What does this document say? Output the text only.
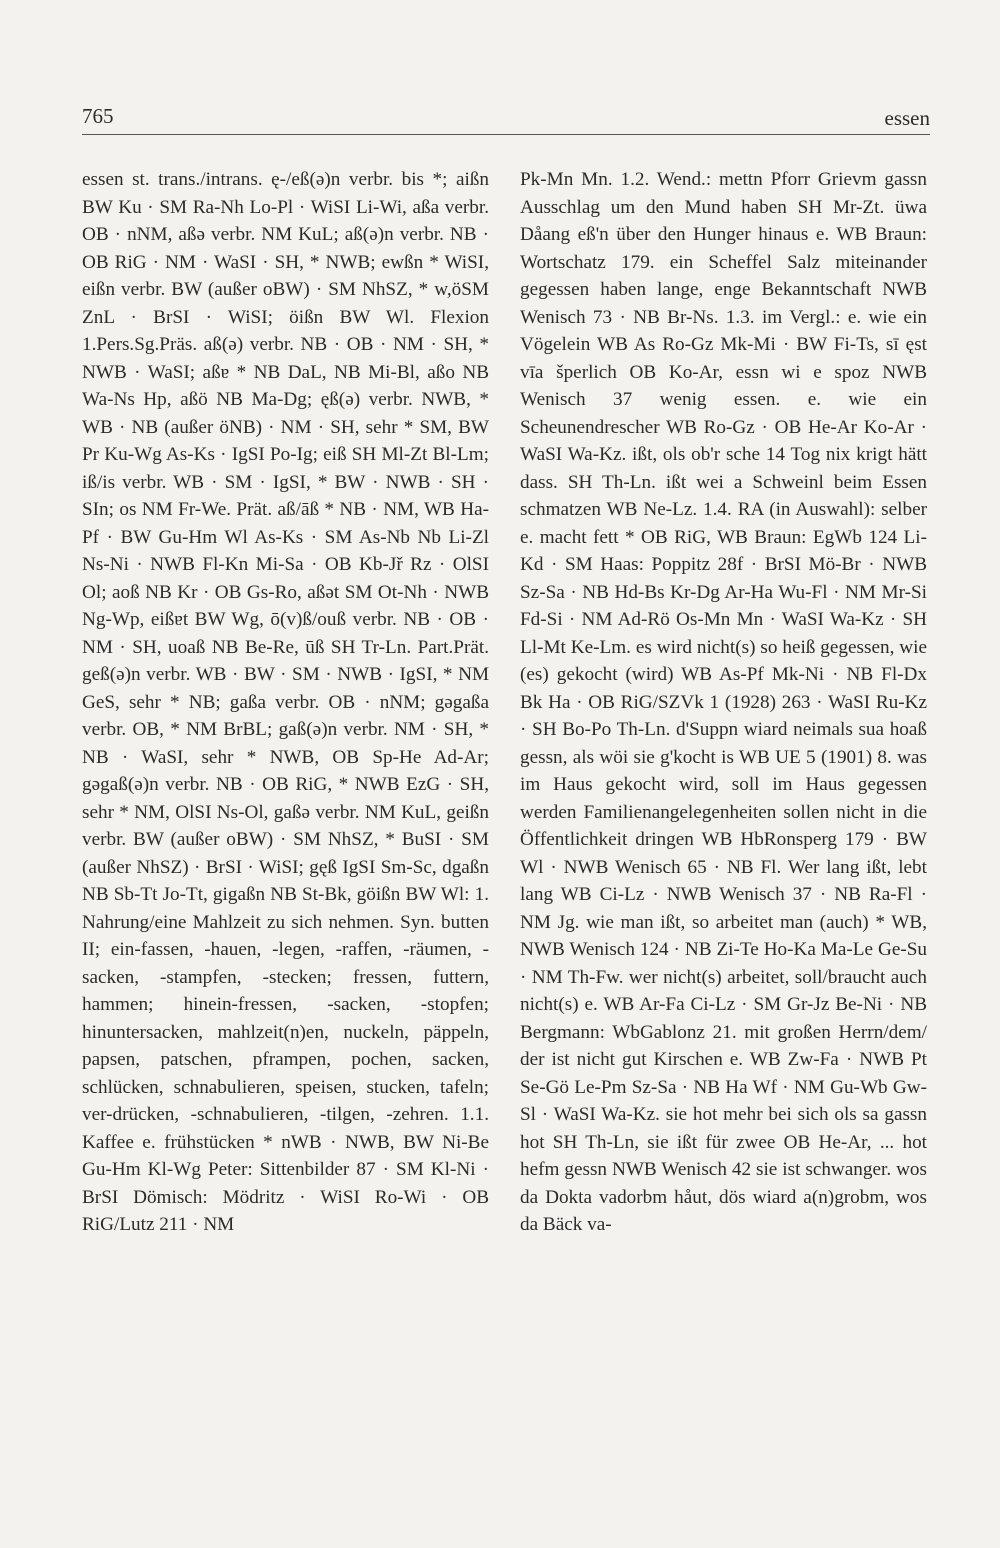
765	essen

essen st. trans./intrans. ę-/eß(ə)n verbr. bis *; aißn BW Ku · SM Ra-Nh Lo-Pl · WiSI Li-Wi, aßa verbr. OB · nNM, aßə verbr. NM KuL; aß(ə)n verbr. NB · OB RiG · NM · WaSI · SH, * NWB; ewßn * WiSI, eißn verbr. BW (außer oBW) · SM NhSZ, * w,öSM ZnL · BrSI · WiSI; öißn BW Wl. Flexion 1.Pers.Sg.Präs. aß(ə) verbr. NB · OB · NM · SH, * NWB · WaSI; aßɐ * NB DaL, NB Mi-Bl, aßo NB Wa-Ns Hp, aßö NB Ma-Dg; ęß(ə) verbr. NWB, * WB · NB (außer öNB) · NM · SH, sehr * SM, BW Pr Ku-Wg As-Ks · IgSI Po-Ig; eiß SH Ml-Zt Bl-Lm; iß/is verbr. WB · SM · IgSI, * BW · NWB · SH · SIn; os NM Fr-We. Prät. aß/āß * NB · NM, WB Ha-Pf · BW Gu-Hm Wl As-Ks · SM As-Nb Nb Li-Zl Ns-Ni · NWB Fl-Kn Mi-Sa · OB Kb-Jř Rz · OlSI Ol; aoß NB Kr · OB Gs-Ro, aßət SM Ot-Nh · NWB Ng-Wp, eißɐt BW Wg, ō(v)ß/ouß verbr. NB · OB · NM · SH, uoaß NB Be-Re, ūß SH Tr-Ln. Part.Prät. geß(ə)n verbr. WB · BW · SM · NWB · IgSI, * NM GeS, sehr * NB; gaßa verbr. OB · nNM; gəgaßa verbr. OB, * NM BrBL; gaß(ə)n verbr. NM · SH, * NB · WaSI, sehr * NWB, OB Sp-He Ad-Ar; gəgaß(ə)n verbr. NB · OB RiG, * NWB EzG · SH, sehr * NM, OlSI Ns-Ol, gaßə verbr. NM KuL, geißn verbr. BW (außer oBW) · SM NhSZ, * BuSI · SM (außer NhSZ) · BrSI · WiSI; gęß IgSI Sm-Sc, dgaßn NB Sb-Tt Jo-Tt, gigaßn NB St-Bk, göißn BW Wl: 1. Nahrung/eine Mahlzeit zu sich nehmen. Syn. butten II; ein-fassen, -hauen, -legen, -raffen, -räumen, -sacken, -stampfen, -stecken; fressen, futtern, hammen; hinein-fressen, -sacken, -stopfen; hinuntersacken, mahlzeit(n)en, nuckeln, päppeln, papsen, patschen, pframpen, pochen, sacken, schlücken, schnabulieren, speisen, stucken, tafeln; ver-drücken, -schnabulieren, -tilgen, -zehren. 1.1. Kaffee e. frühstücken * nWB · NWB, BW Ni-Be Gu-Hm Kl-Wg Peter: Sittenbilder 87 · SM Kl-Ni · BrSI Dömisch: Mödritz · WiSI Ro-Wi · OB RiG/Lutz 211 · NM

Pk-Mn Mn. 1.2. Wend.: mettn Pforr Grievm gassn Ausschlag um den Mund haben SH Mr-Zt. üwa Dåang eß'n über den Hunger hinaus e. WB Braun: Wortschatz 179. ein Scheffel Salz miteinander gegessen haben lange, enge Bekanntschaft NWB Wenisch 73 · NB Br-Ns. 1.3. im Vergl.: e. wie ein Vögelein WB As Ro-Gz Mk-Mi · BW Fi-Ts, sī ęst vīa šperlich OB Ko-Ar, essn wi e spoz NWB Wenisch 37 wenig essen. e. wie ein Scheunendrescher WB Ro-Gz · OB He-Ar Ko-Ar · WaSI Wa-Kz. ißt, ols ob'r sche 14 Tog nix krigt hätt dass. SH Th-Ln. ißt wei a Schweinl beim Essen schmatzen WB Ne-Lz. 1.4. RA (in Auswahl): selber e. macht fett * OB RiG, WB Braun: EgWb 124 Li-Kd · SM Haas: Poppitz 28f · BrSI Mö-Br · NWB Sz-Sa · NB Hd-Bs Kr-Dg Ar-Ha Wu-Fl · NM Mr-Si Fd-Si · NM Ad-Rö Os-Mn Mn · WaSI Wa-Kz · SH Ll-Mt Ke-Lm. es wird nicht(s) so heiß gegessen, wie (es) gekocht (wird) WB As-Pf Mk-Ni · NB Fl-Dx Bk Ha · OB RiG/SZVk 1 (1928) 263 · WaSI Ru-Kz · SH Bo-Po Th-Ln. d'Suppn wiard neimals sua hoaß gessn, als wöi sie g'kocht is WB UE 5 (1901) 8. was im Haus gekocht wird, soll im Haus gegessen werden Familienangelegenheiten sollen nicht in die Öffentlichkeit dringen WB HbRonsperg 179 · BW Wl · NWB Wenisch 65 · NB Fl. Wer lang ißt, lebt lang WB Ci-Lz · NWB Wenisch 37 · NB Ra-Fl · NM Jg. wie man ißt, so arbeitet man (auch) * WB, NWB Wenisch 124 · NB Zi-Te Ho-Ka Ma-Le Ge-Su · NM Th-Fw. wer nicht(s) arbeitet, soll/braucht auch nicht(s) e. WB Ar-Fa Ci-Lz · SM Gr-Jz Be-Ni · NB Bergmann: WbGablonz 21. mit großen Herrn/dem/ der ist nicht gut Kirschen e. WB Zw-Fa · NWB Pt Se-Gö Le-Pm Sz-Sa · NB Ha Wf · NM Gu-Wb Gw-Sl · WaSI Wa-Kz. sie hot mehr bei sich ols sa gassn hot SH Th-Ln, sie ißt für zwee OB He-Ar, ... hot hefm gessn NWB Wenisch 42 sie ist schwanger. wos da Dokta vadorbm håut, dös wiard a(n)grobm, wos da Bäck va-
